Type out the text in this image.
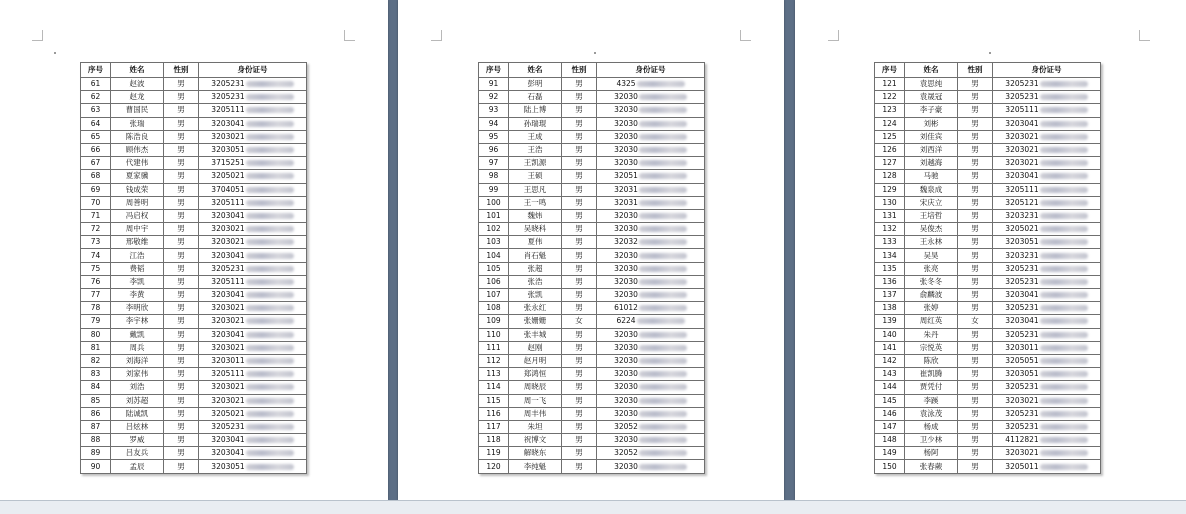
序号	姓名	性别	身份证号
61	赵波	男	3205231
62	赵龙	男	3205231
63	曹国民	男	3205111
64	张瑞	男	3203041
65	陈浩良	男	3203021
66	顾伟杰	男	3203051
67	代建伟	男	3715251
68	夏家骥	男	3205021
69	钱成荣	男	3704051
70	周善明	男	3205111
71	冯启权	男	3203041
72	周中宇	男	3203021
73	邢敬维	男	3203021
74	江浩	男	3203041
75	费韬	男	3205231
76	李凯	男	3205111
77	李黄	男	3203041
78	李明欣	男	3203021
79	李宇林	男	3203021
80	戴凯	男	3203041
81	周兵	男	3203021
82	刘海洋	男	3203011
83	刘家伟	男	3205111
84	刘浩	男	3203021
85	刘苏超	男	3203021
86	陆诚凯	男	3205021
87	吕炫林	男	3205231
88	罗威	男	3203041
89	吕友兵	男	3203041
90	孟辰	男	3203051
序号	姓名	性别	身份证号
91	彭明	男	4325
92	石磊	男	32030
93	陆上博	男	32030
94	孙瑞琨	男	32030
95	王成	男	32030
96	王浩	男	32030
97	王凯源	男	32030
98	王硕	男	32051
99	王思凡	男	32031
100	王一鸣	男	32031
101	魏炜	男	32030
102	吴晓科	男	32030
103	夏伟	男	32032
104	肖石魁	男	32030
105	张超	男	32030
106	张浩	男	32030
107	张凯	男	32030
108	张永红	男	61012
109	张姗姗	女	6224
110	张丰城	男	32030
111	赵刚	男	32030
112	赵月明	男	32030
113	郑鸿恒	男	32030
114	周晓辰	男	32030
115	周一飞	男	32030
116	周丰伟	男	32030
117	朱坦	男	32052
118	祝博文	男	32030
119	解晓东	男	32052
120	李纯魁	男	32030
序号	姓名	性别	身份证号
121	袁思纯	男	3205231
122	袁晟冠	男	3205231
123	李子豪	男	3205111
124	刘彬	男	3203041
125	刘佳宾	男	3203021
126	刘西洋	男	3203021
127	刘越海	男	3203021
128	马驰	男	3203041
129	魏泉成	男	3205111
130	宋庆立	男	3205121
131	王培哲	男	3203231
132	吴俊杰	男	3205021
133	王永林	男	3203051
134	吴昊	男	3203231
135	张亮	男	3205231
136	张冬冬	男	3205231
137	俞麟波	男	3203041
138	张婷	男	3205231
139	周红英	女	3203041
140	朱丹	男	3205231
141	宗悦英	男	3203011
142	陈欣	男	3205051
143	崔凯腾	男	3203051
144	贾凭付	男	3205231
145	李蹊	男	3203021
146	袁泳茂	男	3205231
147	杨成	男	3205231
148	卫少林	男	4112821
149	杨阿	男	3203021
150	张春蕨	男	3205011
